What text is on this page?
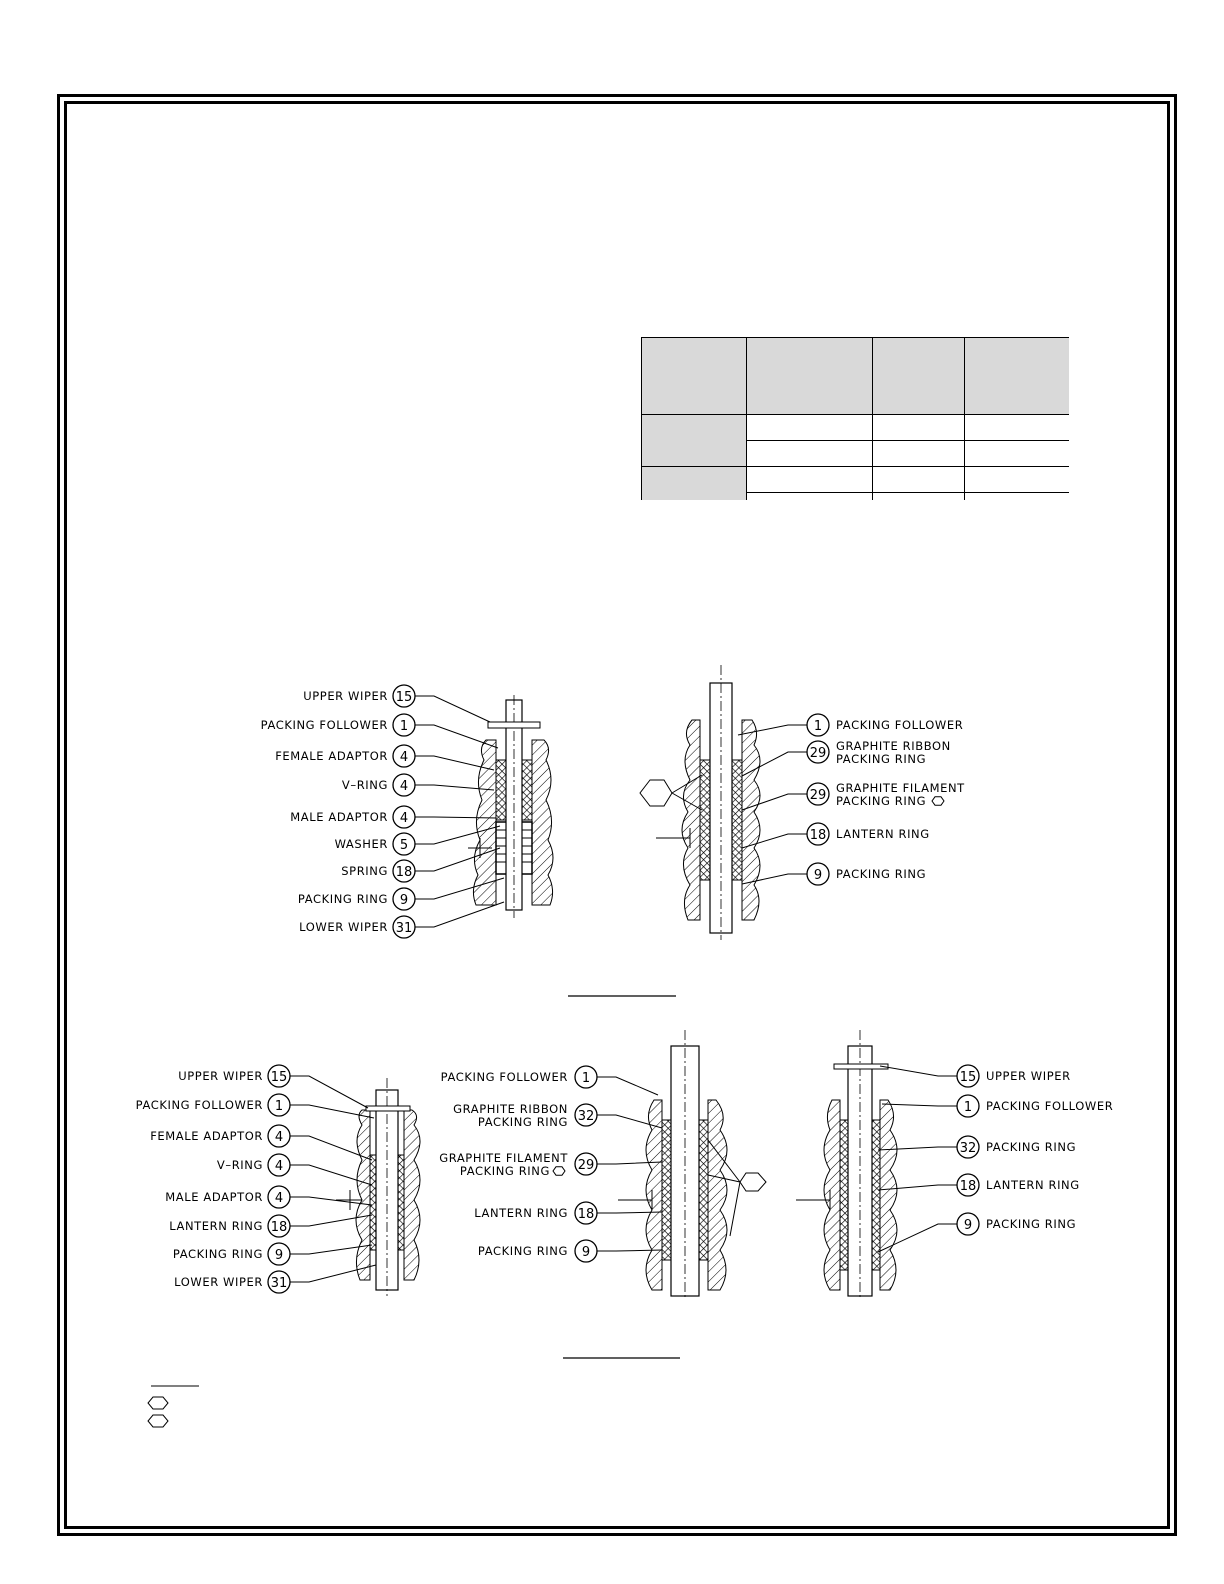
UPPER WIPER 15
PACKING FOLLOWER 1
FEMALE ADAPTOR 4
V–RING 4
MALE ADAPTOR 4
WASHER 5
SPRING 18
PACKING RING 9
LOWER WIPER 31
1 PACKING FOLLOWER
29 GRAPHITE RIBBON
PACKING RING
29 GRAPHITE FILAMENT
PACKING RING
18 LANTERN RING
9 PACKING RING
UPPER WIPER 15
PACKING FOLLOWER 1
FEMALE ADAPTOR 4
V–RING 4
MALE ADAPTOR 4
LANTERN RING 18
PACKING RING 9
LOWER WIPER 31
PACKING FOLLOWER 1
GRAPHITE RIBBON
PACKING RING 32
GRAPHITE FILAMENT
PACKING RING 29
LANTERN RING 18
PACKING RING 9
15 UPPER WIPER
1 PACKING FOLLOWER
32 PACKING RING
18 LANTERN RING
9 PACKING RING
